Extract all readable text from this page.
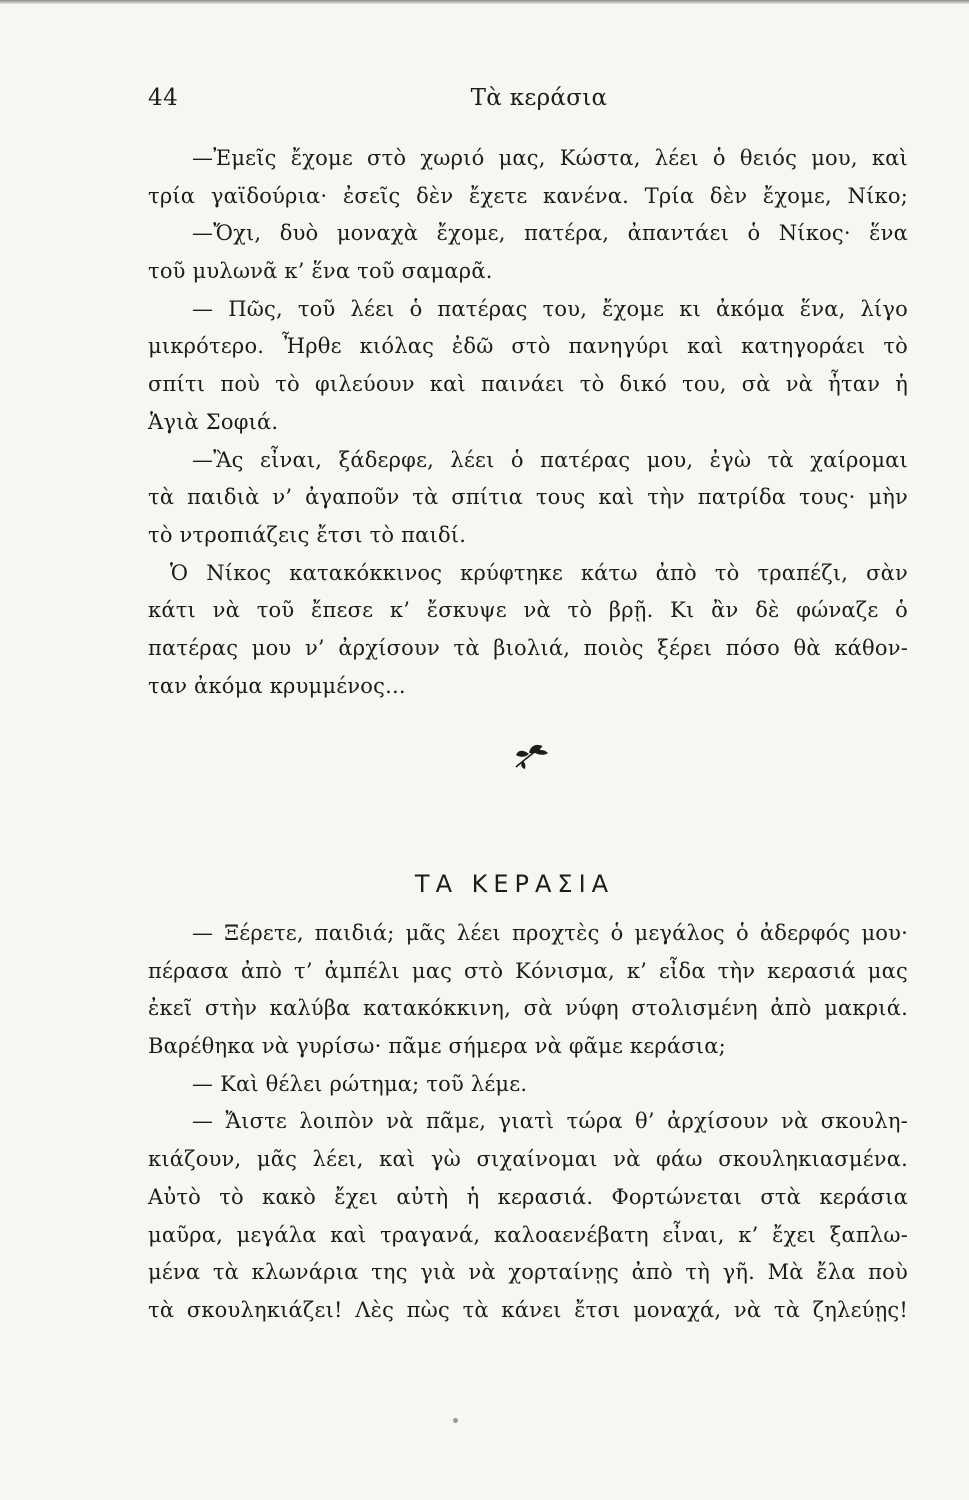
44	Τὰ κεράσια
—Ἐμεῖς ἔχομε στὸ χωριό μας, Κώστα, λέει ὁ θειός μου, καὶ
τρία γαϊδούρια· ἐσεῖς δὲν ἔχετε κανένα. Τρία δὲν ἔχομε, Νίκο;
—Ὄχι, δυὸ μοναχὰ ἔχομε, πατέρα, ἀπαντάει ὁ Νίκος· ἕνα
τοῦ μυλωνᾶ κ’ ἕνα τοῦ σαμαρᾶ.
— Πῶς, τοῦ λέει ὁ πατέρας του, ἔχομε κι ἀκόμα ἕνα, λίγο
μικρότερο. Ἦρθε κιόλας ἐδῶ στὸ πανηγύρι καὶ κατηγοράει τὸ
σπίτι ποὺ τὸ φιλεύουν καὶ παινάει τὸ δικό του, σὰ νὰ ἦταν ἡ
Ἁγιὰ Σοφιά.
—Ἂς εἶναι, ξάδερφε, λέει ὁ πατέρας μου, ἐγὼ τὰ χαίρομαι
τὰ παιδιὰ ν’ ἀγαποῦν τὰ σπίτια τους καὶ τὴν πατρίδα τους· μὴν
τὸ ντροπιάζεις ἔτσι τὸ παιδί.
Ὁ Νίκος κατακόκκινος κρύφτηκε κάτω ἀπὸ τὸ τραπέζι, σὰν
κάτι νὰ τοῦ ἔπεσε κ’ ἔσκυψε νὰ τὸ βρῇ. Κι ἂν δὲ φώναζε ὁ
πατέρας μου ν’ ἀρχίσουν τὰ βιολιά, ποιὸς ξέρει πόσο θὰ κάθον-
ταν ἀκόμα κρυμμένος...
ΤΑ ΚΕΡΑΣΙΑ
— Ξέρετε, παιδιά; μᾶς λέει προχτὲς ὁ μεγάλος ὁ ἀδερφός μου·
πέρασα ἀπὸ τ’ ἀμπέλι μας στὸ Κόνισμα, κ’ εἶδα τὴν κερασιά μας
ἐκεῖ στὴν καλύβα κατακόκκινη, σὰ νύφη στολισμένη ἀπὸ μακριά.
Βαρέθηκα νὰ γυρίσω· πᾶμε σήμερα νὰ φᾶμε κεράσια;
— Καὶ θέλει ρώτημα; τοῦ λέμε.
— Ἄιστε λοιπὸν νὰ πᾶμε, γιατὶ τώρα θ’ ἀρχίσουν νὰ σκουλη-
κιάζουν, μᾶς λέει, καὶ γὼ σιχαίνομαι νὰ φάω σκουληκιασμένα.
Αὐτὸ τὸ κακὸ ἔχει αὐτὴ ἡ κερασιά. Φορτώνεται στὰ κεράσια
μαῦρα, μεγάλα καὶ τραγανά, καλοαενέβατη εἶναι, κ’ ἔχει ξαπλω-
μένα τὰ κλωνάρια της γιὰ νὰ χορταίνῃς ἀπὸ τὴ γῆ. Μὰ ἔλα ποὺ
τὰ σκουληκιάζει! Λὲς πὼς τὰ κάνει ἔτσι μοναχά, νὰ τὰ ζηλεύῃς!
